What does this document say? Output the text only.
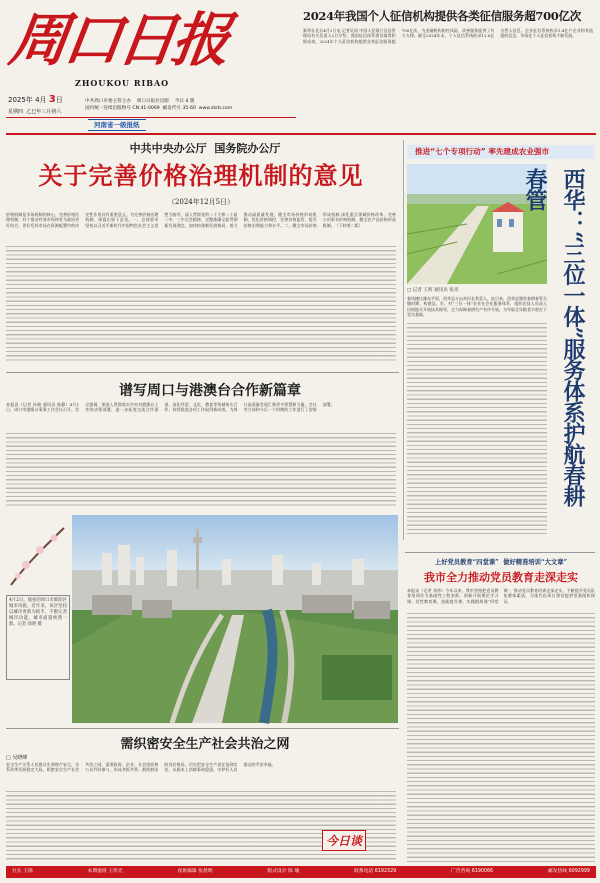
周口日报
ZHOUKOU RIBAO
2025年 4月 3日
星期四 乙巳年三月初六
中共周口市委主管主办 周口日报社出版 今日 4 版
国内统一连续出版物号 CN 41-0069 邮发代号 35-60 www.zkrb.com
河南省一级报纸
2024年我国个人征信机构提供各类征信服务超700亿次
新华社北京4月2日电 记者吴雨 中国人民银行征信管理局有关负责人2日介绍，我国征信体系建设取得积极成效，2024年个人征信机构提供各类征信服务超700亿次，为金融机构防控风险、改善服务提供了有力支撑。截至2024年末，个人征信系统收录11.6亿自然人信息，企业征信系统收录1.4亿户企业和其他组织信息，市场化个人征信机构不断发展。
中共中央办公厅  国务院办公厅
关于完善价格治理机制的意见
（2024年12月5日）
价格机制是市场机制的核心，完善价格治理机制，对于推动有效市场和有为政府更好结合，更好发挥市场在资源配置中的决定性作用具有重要意义。为完善价格治理机制，现提出如下意见。一、总体要求 坚持以习近平新时代中国特色社会主义思想为指导，深入贯彻党的二十大和二十届二中、三中全会精神，完整准确全面贯彻新发展理念，加快构建新发展格局，着力推动高质量发展，健全市场价格形成机制，优化价格调控，完善价格监管，提升价格治理能力和水平。二、健全市场价格形成机制 深化重点领域价格改革，完善公用事业价格机制，健全农产品价格形成机制。（下转第二版）
谱写周口与港澳台合作新篇章
本报讯（记者 孙晓 通讯员 陈静）4月1日，周口市港澳台事务工作会议召开。会议强调，要深入贯彻落实中央对港澳台工作的决策部署，进一步拓宽交流合作渠道，深化经贸、文化、教育等领域务实合作，持续推进各项工作取得新成效，为周口高质量发展汇聚更多智慧和力量。会议对当前和今后一个时期的工作进行了安排部署。
4月2日，航拍的周口市淮阳区城市风貌。近年来，该区坚持以城市更新为抓手，不断完善城市功能，城市面貌焕然一新。记者 徐明 摄
需织密安全生产社会共治之网
□ 吴晓峰
安全生产关系人民群众生命财产安全，关系改革发展稳定大局。织密安全生产社会共治之网，需要政府、企业、社会组织和公众共同参与，形成齐抓共管、群防群治的良好格局，切实把安全生产责任落到实处，从根本上消除事故隐患，守护好人民群众的平安幸福。
今日谈
推进“七个专项行动” 率先建成农业强市
□ 记者 王辉 通讯员 张炎	西华：“三位一体”服务体系护航春耕春管
春风拂过豫东平原，西华县万亩麦田长势喜人。连日来，西华县聚焦春耕春管关键时期，构建县、乡、村“三位一体”农业社会化服务体系，组织农技人员深入田间地头开展技术指导，全力保障春耕生产有序开展，为夺取全年粮食丰收打下坚实基础。
上好党员教育“四堂课”  做好精准培训“大文章”
我市全力推动党员教育走深走实
本报讯（记者 刘伟）今年以来，我市坚持把党员教育培训作为基础性工程来抓，创新开展理论学习课、党性教育课、技能提升课、实践锻炼课“四堂课”，推动党员教育培训走深走实，不断提升党员队伍整体素质，为现代化周口建设提供坚强组织保证。
社长 王锦	本期值班 王伟光	夜班编辑 张晨明	版式设计 陈 瑜	联系电话 6192329	广告咨询 6190066	邮发热线 6092999
